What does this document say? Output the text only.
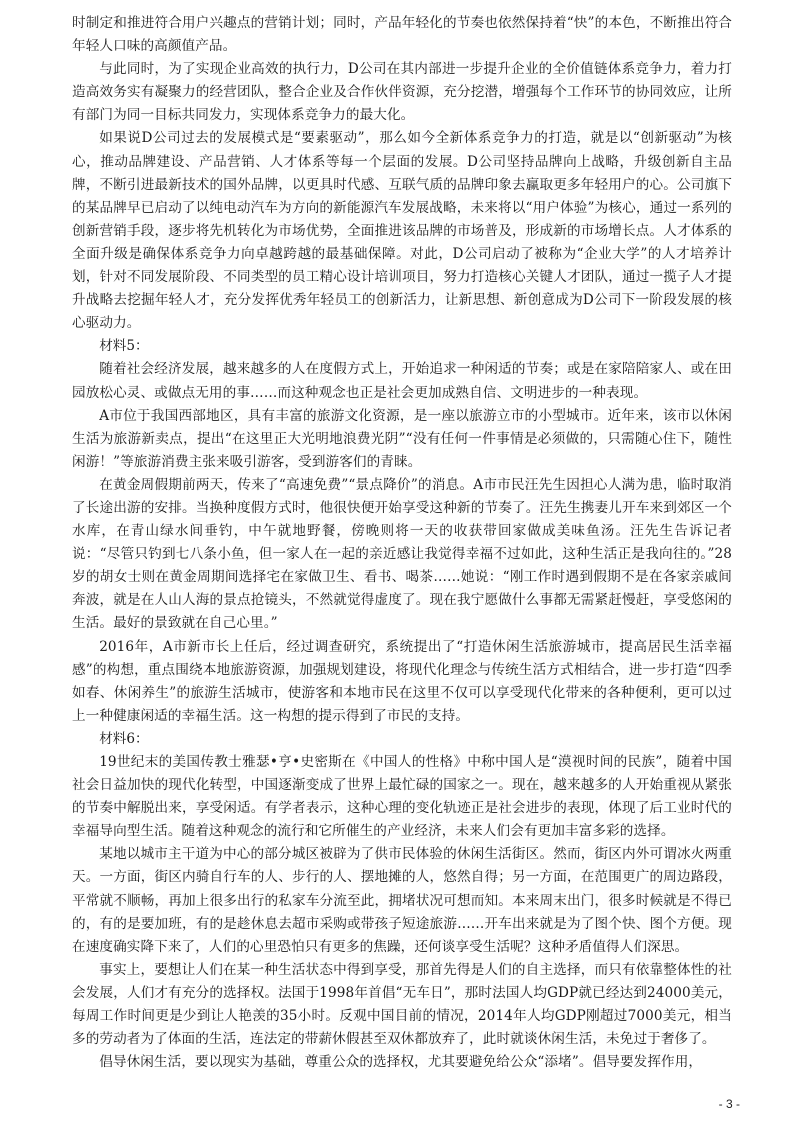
时制定和推进符合用户兴趣点的营销计划；同时，产品年轻化的节奏也依然保持着“快”的本色，不断推出符合年轻人口味的高颜值产品。

与此同时，为了实现企业高效的执行力，D公司在其内部进一步提升企业的全价值链体系竞争力，着力打造高效务实有凝聚力的经营团队，整合企业及合作伙伴资源，充分挖潜，增强每个工作环节的协同效应，让所有部门为同一目标共同发力，实现体系竞争力的最大化。

如果说D公司过去的发展模式是“要素驱动”，那么如今全新体系竞争力的打造，就是以“创新驱动”为核心，推动品牌建设、产品营销、人才体系等每一个层面的发展。D公司坚持品牌向上战略，升级创新自主品牌，不断引进最新技术的国外品牌，以更具时代感、互联气质的品牌印象去赢取更多年轻用户的心。公司旗下的某品牌早已启动了以纯电动汽车为方向的新能源汽车发展战略，未来将以“用户体验”为核心，通过一系列的创新营销手段，逐步将先机转化为市场优势，全面推进该品牌的市场普及，形成新的市场增长点。人才体系的全面升级是确保体系竞争力向卓越跨越的最基础保障。对此，D公司启动了被称为“企业大学”的人才培养计划，针对不同发展阶段、不同类型的员工精心设计培训项目，努力打造核心关键人才团队，通过一揽子人才提升战略去挖掘年轻人才，充分发挥优秀年轻员工的创新活力，让新思想、新创意成为D公司下一阶段发展的核心驱动力。

材料5：

随着社会经济发展，越来越多的人在度假方式上，开始追求一种闲适的节奏；或是在家陪陪家人、或在田园放松心灵、或做点无用的事……而这种观念也正是社会更加成熟自信、文明进步的一种表现。

A市位于我国西部地区，具有丰富的旅游文化资源，是一座以旅游立市的小型城市。近年来，该市以休闲生活为旅游新卖点，提出“在这里正大光明地浪费光阴”“没有任何一件事情是必须做的，只需随心住下，随性闲游！”等旅游消费主张来吸引游客，受到游客们的青睐。

在黄金周假期前两天，传来了“高速免费”“景点降价”的消息。A市市民汪先生因担心人满为患，临时取消了长途出游的安排。当换种度假方式时，他很快便开始享受这种新的节奏了。汪先生携妻儿开车来到郊区一个水库，在青山绿水间垂钓，中午就地野餐，傍晚则将一天的收获带回家做成美味鱼汤。汪先生告诉记者说：“尽管只钓到七八条小鱼，但一家人在一起的亲近感让我觉得幸福不过如此，这种生活正是我向往的。”28岁的胡女士则在黄金周期间选择宅在家做卫生、看书、喝茶……她说：“刚工作时遇到假期不是在各家亲戚间奔波，就是在人山人海的景点抢镜头，不然就觉得虚度了。现在我宁愿做什么事都无需紧赶慢赶，享受悠闲的生活。最好的景致就在自己心里。”

2016年，A市新市长上任后，经过调查研究，系统提出了“打造休闲生活旅游城市，提高居民生活幸福感”的构想，重点围绕本地旅游资源，加强规划建设，将现代化理念与传统生活方式相结合，进一步打造“四季如春、休闲养生”的旅游生活城市，使游客和本地市民在这里不仅可以享受现代化带来的各种便利，更可以过上一种健康闲适的幸福生活。这一构想的提示得到了市民的支持。

材料6：

19世纪末的美国传教士雅瑟•亨•史密斯在《中国人的性格》中称中国人是“漠视时间的民族”，随着中国社会日益加快的现代化转型，中国逐渐变成了世界上最忙碌的国家之一。现在，越来越多的人开始重视从紧张的节奏中解脱出来，享受闲适。有学者表示，这种心理的变化轨迹正是社会进步的表现，体现了后工业时代的幸福导向型生活。随着这种观念的流行和它所催生的产业经济，未来人们会有更加丰富多彩的选择。

某地以城市主干道为中心的部分城区被辟为了供市民体验的休闲生活街区。然而，街区内外可谓冰火两重天。一方面，街区内骑自行车的人、步行的人、摆地摊的人，悠然自得；另一方面，在范围更广的周边路段，平常就不顺畅，再加上很多出行的私家车分流至此，拥堵状况可想而知。本来周末出门，很多时候就是不得已的，有的是要加班，有的是趁休息去超市采购或带孩子短途旅游……开车出来就是为了图个快、图个方便。现在速度确实降下来了，人们的心里恐怕只有更多的焦躁，还何谈享受生活呢？这种矛盾值得人们深思。

事实上，要想让人们在某一种生活状态中得到享受，那首先得是人们的自主选择，而只有依靠整体性的社会发展，人们才有充分的选择权。法国于1998年首倡“无车日”，那时法国人均GDP就已经达到24000美元，每周工作时间更是少到让人艳羡的35小时。反观中国目前的情况，2014年人均GDP刚超过7000美元，相当多的劳动者为了体面的生活，连法定的带薪休假甚至双休都放弃了，此时就谈休闲生活，未免过于奢侈了。

倡导休闲生活，要以现实为基础，尊重公众的选择权，尤其要避免给公众“添堵”。倡导要发挥作用，

- 3 -
